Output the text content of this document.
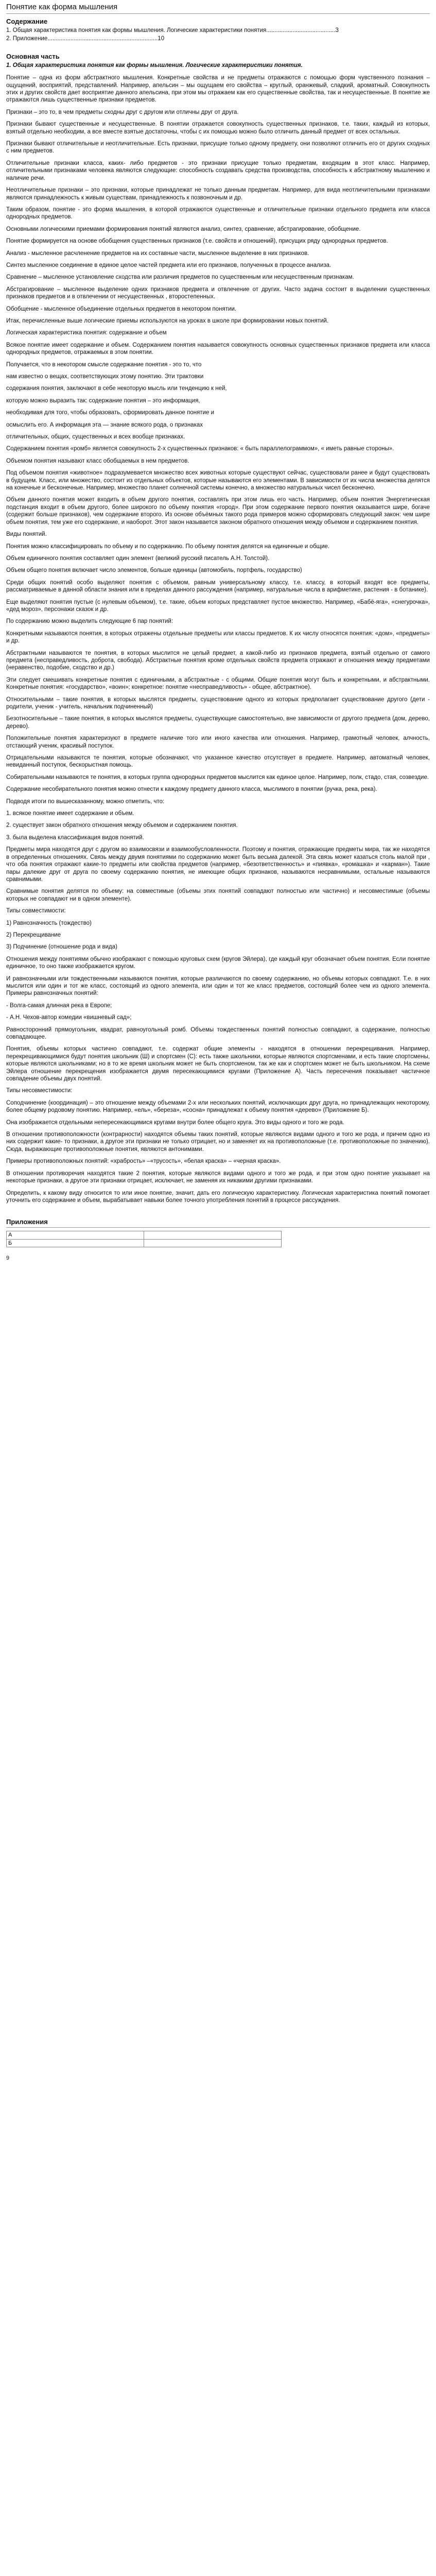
Понятие как форма мышления
Содержание
1. Общая характеристика понятия как формы мышления. Логические характеристики понятия..........................................3
2. Приложение...................................................................10
Основная часть
1. Общая характеристика понятия как формы мышления. Логические характеристики понятия.

Понятие – одна из форм абстрактного мышления. Конкретные свойства и не предметы отражаются с помощью форм чувственного познания – ощущений, восприятий, представлений. Например, апельсин – мы ощущаем его свойства – круглый, оранжевый, сладкий, ароматный. Совокупность этих и других свойств дает восприятие данного апельсина, при этом мы отражаем как его существенные свойства, так и несущественные. В понятие же отражаются лишь существенные признаки предметов.

Признаки – это то, в чем предметы сходны друг с другом или отличны друг от друга.

Признаки бывают существенные и несущественные. В понятии отражается совокупность существенных признаков, т.е. таких, каждый из которых, взятый отдельно необходим, а все вместе взятые достаточны, чтобы с их помощью можно было отличить данный предмет от всех остальных.

Признаки бывают отличительные и неотличительные. Есть признаки, присущие только одному предмету, они позволяют отличить его от других сходных с ним предметов.

Отличительные признаки класса, каких- либо предметов - это признаки присущие только предметам, входящим в этот класс. Например, отличительными признаками человека являются следующие: способность создавать средства производства, способность к абстрактному мышлению и наличие речи.

Неотличительные признаки – это признаки, которые принадлежат не только данным предметам. Например, для вида неотличительными признаками являются принадлежность к живым существам, принадлежность к позвоночным и др.

Таким образом, понятие - это форма мышления, в которой отражаются существенные и отличительные признаки отдельного предмета или класса однородных предметов.

Основными логическими приемами формирования понятий являются анализ, синтез, сравнение, абстрагирование, обобщение.

Понятие формируется на основе обобщения существенных признаков (т.е. свойств и отношений), присущих ряду однородных предметов.

Анализ - мысленное расчленение предметов на их составные части, мысленное выделение в них признаков.

Синтез мысленное соединение в единое целое частей предмета или его признаков, полученных в процессе анализа.

Сравнение – мысленное установление сходства или различия предметов по существенным или несущественным признакам.

Абстрагирование – мысленное выделение одних признаков предмета и отвлечение от других. Часто задача состоит в выделении существенных признаков предметов и в отвлечении от несущественных , второстепенных.

Обобщение - мысленное объединение отдельных предметов в некотором понятии.

Итак, перечисленные выше логические приемы используются на уроках в школе при формировании новых понятий.

Логическая характеристика понятия: содержание и объем

Всякое понятие имеет содержание и объем. Содержанием понятия называется совокупность основных существенных признаков предмета или класса однородных предметов, отражаемых в этом понятии.

Получается, что в некотором смысле содержание понятия - это то, что

нам известно о вещах, соответствующих этому понятию. Эти трактовки

содержания понятия, заключают в себе некоторую мысль или тенденцию к ней,

которую можно выразить так: содержание понятия – это информация,

необходимая для того, чтобы образовать, сформировать данное понятие и

осмыслить его. А информация эта — знание всякого рода, о признаках

отличительных, общих, существенных и всех вообще признаках.

Содержанием понятия «ромб» является совокупность 2-х существенных признаков: « быть параллелограммом», « иметь равные стороны».

Объемом понятия называют класс обобщаемых в нем предметов.

Под объемом понятия «животное» подразумевается множество всех животных которые существуют сейчас, существовали ранее и будут существовать в будущем. Класс, или множество, состоит из отдельных объектов, которые называются его элементами. В зависимости от их числа множества делятся на конечные и бесконечные. Например, множество планет солнечной системы конечно, а множество натуральных чисел бесконечно.

Объем данного понятия может входить в объем другого понятия, составлять при этом лишь его часть. Например, объем понятия Энергетическая подстанция входит в объем другого, более широкого по объему понятия «город». При этом содержание первого понятия оказывается шире, богаче (содержит больше признаков), чем содержание второго. Из основе объёмных такого рода примеров можно сформировать следующий закон: чем шире объем понятия, тем уже его содержание, и наоборот. Этот закон называется законом обратного отношения между объемом и содержанием понятия.

Виды понятий.

Понятия можно классифицировать по объему и по содержанию. По объему понятия делятся на единичные и общие.

Объем единичного понятия составляет один элемент (великий русский писатель А.Н. Толстой).

Объем общего понятия включает число элементов, больше единицы (автомобиль, портфель, государство)

Среди общих понятий особо выделяют понятия с объемом, равным универсальному классу, т.е. классу, в который входят все предметы, рассматриваемые в данной области знания или в пределах данного рассуждения (например, натуральные числа в арифметике, растения - в ботанике).

Еще выделяют понятия пустые (с нулевым объемом), т.е. такие, объем которых представляет пустое множество. Например, «Бабё-яга», «снегурочка», «дед мороз», персонажи сказок и др.

По содержанию можно выделить следующие 6 пар понятий:

Конкретными называются понятия, в которых отражены отдельные предметы или классы предметов. К их числу относятся понятия: «дом», «предметы» и др.

Абстрактными называются те понятия, в которых мыслится не целый предмет, а какой-либо из признаков предмета, взятый отдельно от самого предмета (несправедливость, доброта, свобода). Абстрактные понятия кроме отдельных свойств предмета отражают и отношения между предметами (неравенство, подобие, сходство и др.)

Эти следует смешивать конкретные понятия с единичными, а абстрактные - с общими. Общие понятия могут быть и конкретными, и абстрактными. Конкретные понятия: «государство», «воин»; конкретное: понятие «несправедливость» - общее, абстрактное).

Относительными – такие понятия, в которых мыслятся предметы, существование одного из которых предполагает существование другого (дети - родители, ученик - учитель, начальник подчиненный)

Безотносительные – такие понятия, в которых мыслятся предметы, существующие самостоятельно, вне зависимости от другого предмета (дом, дерево, дерево).

Положительные понятия характеризуют в предмете наличие того или иного качества или отношения. Например, грамотный человек, алчность, отстающий ученик, красивый поступок.

Отрицательными называются те понятия, которые обозначают, что указанное качество отсутствует в предмете. Например, автоматный человек, невиданный поступок, бескорыстная помощь.

Собирательными называются те понятия, в которых группа однородных предметов мыслится как единое целое. Например, полк, стадо, стая, созвездие.

Содержание несобирательного понятия можно отнести к каждому предмету данного класса, мыслимого в понятии (ручка, река, река).

Подводя итоги по вышесказанному, можно отметить, что:

1. всякое понятие имеет содержание и объем.

2. существует закон обратного отношения между объемом и содержанием понятия.

3. была выделена классификация видов понятий.

Предметы мира находятся друг с другом во взаимосвязи и взаимообусловленности. Поэтому и понятия, отражающие предметы мира, так же находятся в определенных отношениях. Связь между двумя понятиями по содержанию может быть весьма далекой. Эта связь может казаться столь малой при , что оба понятия отражают какие-то предметы или свойства предметов (например, «безответственность» и «пиявка», «ромашка» и «карман»). Такие пары далекие друг от друга по своему содержанию понятия, не имеющие общих признаков, называются несравнимыми, остальные называются сравнимыми.

Сравнимые понятия делятся по объему: на совместимые (объемы этих понятий совпадают полностью или частично) и несовместимые (объемы которых не совпадают ни в одном элементе).

Типы совместимости:

1) Равнозначность (тождество)

2) Перекрещивание

3) Подчинение (отношение рода и вида)

Отношения между понятиями обычно изображают с помощью круговых схем (кругов Эйлера), где каждый круг обозначает объем понятия. Если понятие единичное, то оно также изображается кругом.

И равнозначными или тождественными называются понятия, которые различаются по своему содержанию, но объемы которых совпадают. Т.е. в них мыслится или один и тот же класс, состоящий из одного элемента, или один и тот же класс предметов, состоящий более чем из одного элемента. Примеры равнозначных понятий:

- Волга-самая длинная река в Европе;

- А.Н. Чехов-автор комедии «вишневый сад»;

Равносторонний прямоугольник, квадрат, равноугольный ромб. Объемы тождественных понятий полностью совпадают, а содержание, полностью совпадающее.

Понятия, объемы которых частично совпадают, т.е. содержат общие элементы - находятся в отношении перекрещивания. Например, перекрещивающимися будут понятия школьник (Ш) и спортсмен (С): есть также школьники, которые являются спортсменами, и есть такие спортсмены, которые являются школьниками; но в то же время школьник может не быть спортсменом, так же как и спортсмен может не быть школьником. На схеме Эйлера отношение перекрещения изображается двумя пересекающимися кругами (Приложение А). Часть пересечения показывает частичное совпадение объемы двух понятий.

Типы несовместимости:

Соподчинение (координация) – это отношение между объемами 2-х или нескольких понятий, исключающих друг друга, но принадлежащих некоторому, более общему родовому понятию. Например, «ель», «береза», «сосна» принадлежат к объему понятия «дерево» (Приложение Б).

Она изображается отдельными непересекающимися кругами внутри более общего круга. Это виды одного и того же рода.

В отношении противоположности (контрарности) находятся объемы таких понятий, которые являются видами одного и того же рода, и причем одно из них содержит какие- то признаки, а другое эти признаки не только отрицает, но и заменяет их на противоположные (т.е. противоположные по значению). Сюда, выражающие противоположные понятия, являются антонимами.

Примеры противоположных понятий: «храбрость» –«трусость», «белая краска» – «черная краска».

В отношении противоречия находятся такие 2 понятия, которые являются видами одного и того же рода, и при этом одно понятие указывает на некоторые признаки, а другое эти признаки отрицает, исключает, не заменяя их никакими другими признаками.

Определить, к какому виду относится то или иное понятие, значит, дать его логическую характеристику. Логическая характеристика понятий помогает уточнить его содержание и объем, вырабатывает навыки более точного употребления понятий в процессе рассуждения.

Приложения
А	
Б	
9
